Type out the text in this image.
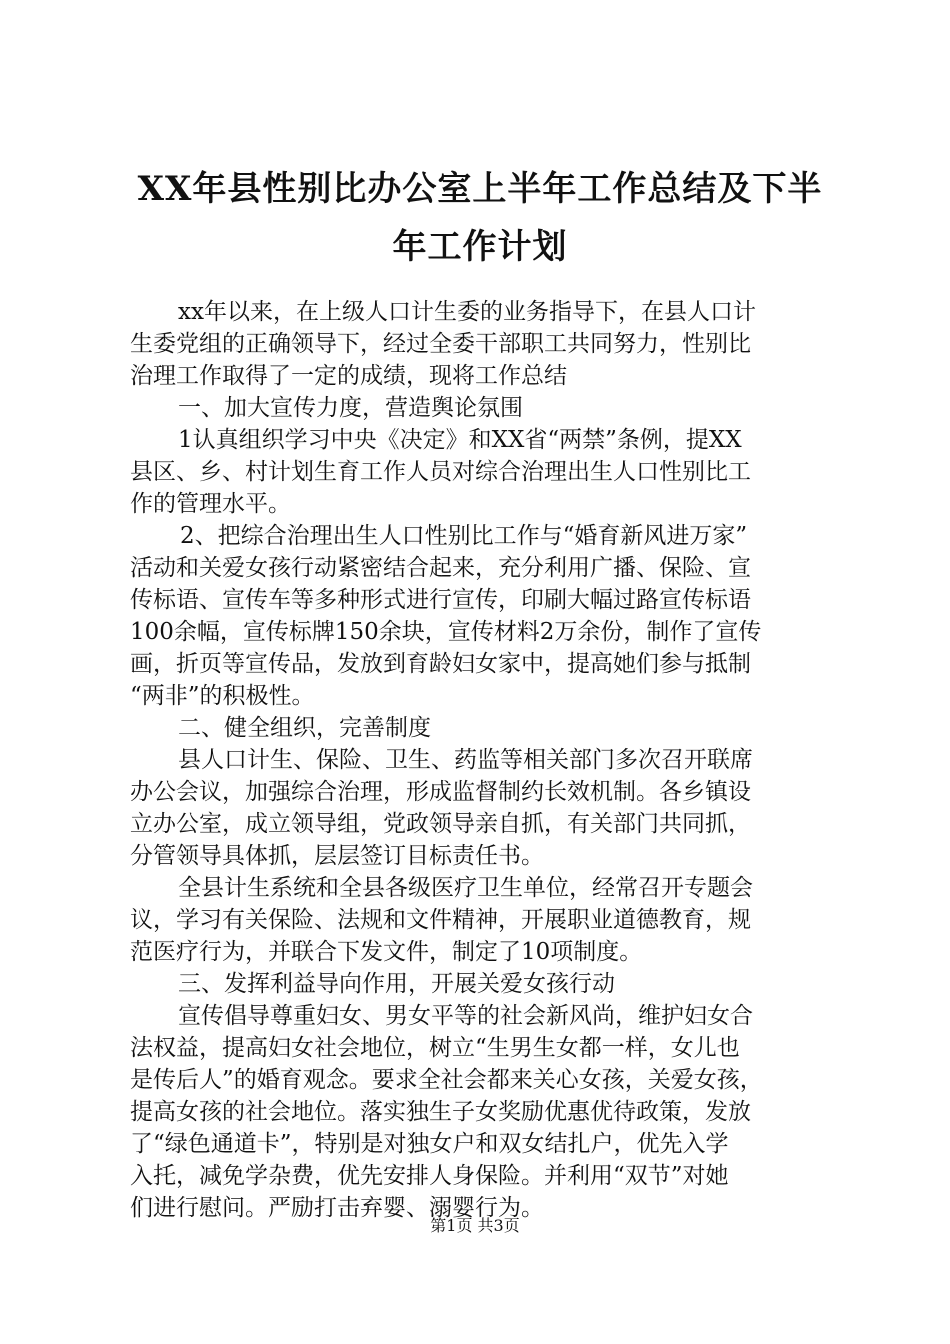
XX年县性别比办公室上半年工作总结及下半
年工作计划
xx年以来，在上级人口计生委的业务指导下，在县人口计
生委党组的正确领导下，经过全委干部职工共同努力，性别比
治理工作取得了一定的成绩，现将工作总结
一、加大宣传力度，营造舆论氛围
1认真组织学习中央《决定》和XX省“两禁”条例，提XX
县区、乡、村计划生育工作人员对综合治理出生人口性别比工
作的管理水平。
2、把综合治理出生人口性别比工作与“婚育新风进万家”
活动和关爱女孩行动紧密结合起来，充分利用广播、保险、宣
传标语、宣传车等多种形式进行宣传，印刷大幅过路宣传标语
100余幅，宣传标牌150余块，宣传材料2万余份，制作了宣传
画，折页等宣传品，发放到育龄妇女家中，提高她们参与抵制
“两非”的积极性。
二、健全组织，完善制度
县人口计生、保险、卫生、药监等相关部门多次召开联席
办公会议，加强综合治理，形成监督制约长效机制。各乡镇设
立办公室，成立领导组，党政领导亲自抓，有关部门共同抓，
分管领导具体抓，层层签订目标责任书。
全县计生系统和全县各级医疗卫生单位，经常召开专题会
议，学习有关保险、法规和文件精神，开展职业道德教育，规
范医疗行为，并联合下发文件，制定了10项制度。
三、发挥利益导向作用，开展关爱女孩行动
宣传倡导尊重妇女、男女平等的社会新风尚，维护妇女合
法权益，提高妇女社会地位，树立“生男生女都一样，女儿也
是传后人”的婚育观念。要求全社会都来关心女孩，关爱女孩，
提高女孩的社会地位。落实独生子女奖励优惠优待政策，发放
了“绿色通道卡”，特别是对独女户和双女结扎户，优先入学
入托，减免学杂费，优先安排人身保险。并利用“双节”对她
们进行慰问。严励打击弃婴、溺婴行为。
第1页 共3页
